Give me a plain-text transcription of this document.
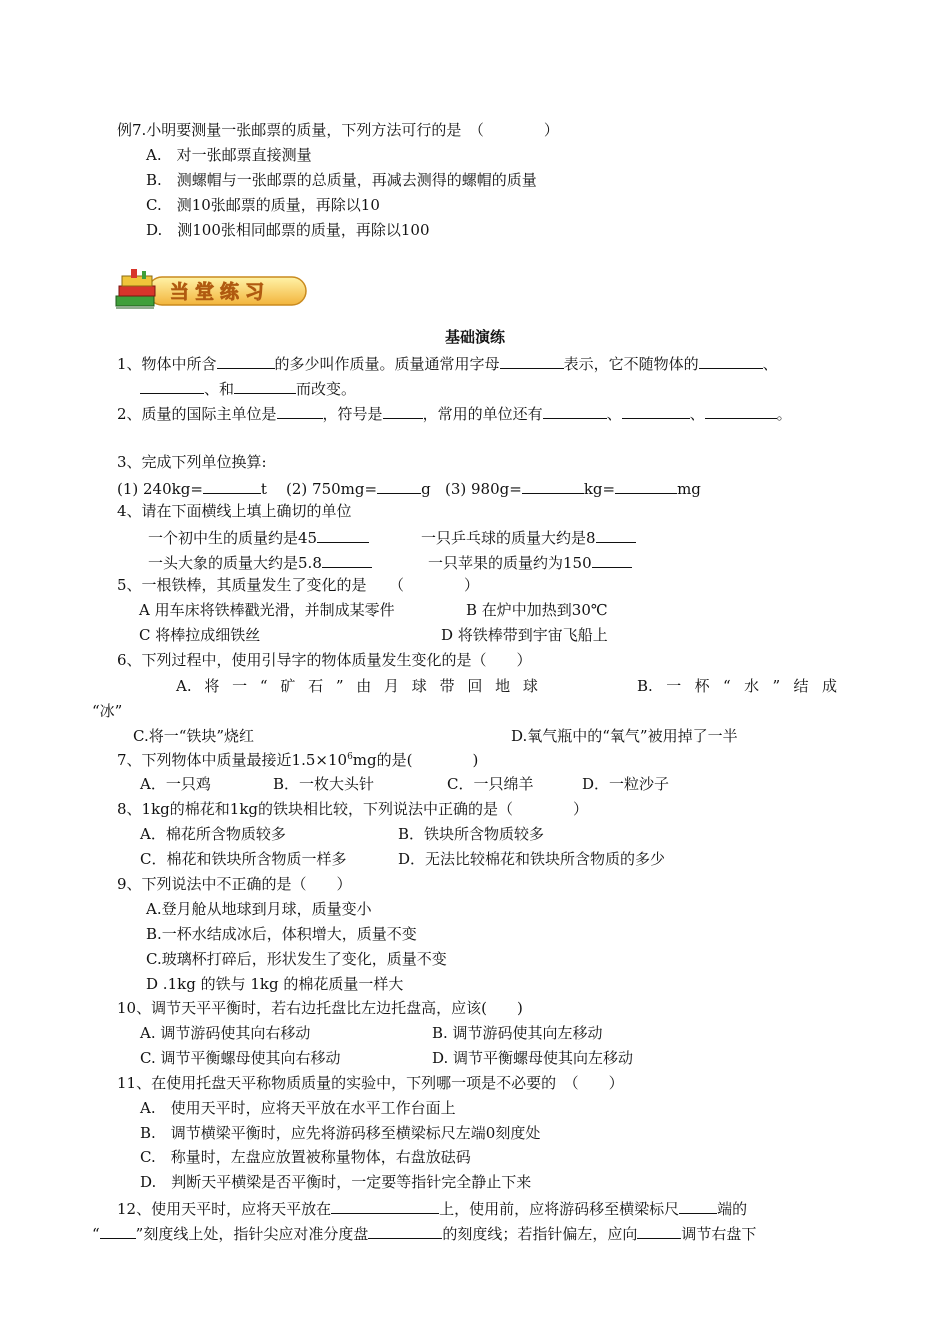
例7.小明要测量一张邮票的质量，下列方法可行的是　（　　　　）
A.　对一张邮票直接测量
B.　测螺帽与一张邮票的总质量，再减去测得的螺帽的质量
C.　测10张邮票的质量，再除以10
D.　测100张相同邮票的质量，再除以100
当堂练习
基础演练
1、物体中所含	的多少叫作质量。质量通常用字母	表示，它不随物体的	、
、和	而改变。
2、质量的国际主单位是	，符号是	，常用的单位还有	、	、	。
3、完成下列单位换算:
(1) 240kg=	t (2) 750mg=	g (3) 980g=	kg=	mg
4、请在下面横线上填上确切的单位
一个初中生的质量约是45	一只乒乓球的质量大约是8
一头大象的质量大约是5.8	一只苹果的质量约为150
5、一根铁棒，其质量发生了变化的是　　（　　　　）
A 用车床将铁棒戳光滑，并制成某零件	B 在炉中加热到30℃
C 将棒拉成细铁丝	D 将铁棒带到宇宙飞船上
6、下列过程中，使用引导字的物体质量发生变化的是（　　）
A. 将 一 “ 矿 石 ” 由 月 球 带 回 地 球	B. 一 杯 “ 水 ” 结 成
“冰”
C.将一“铁块”烧红	D.氧气瓶中的“氧气”被用掉了一半
7、下列物体中质量最接近$1.5\times 10^6mg$的是(　　　　)
A．一只鸡	B．一枚大头针	C．一只绵羊	D．一粒沙子
8、1kg的棉花和1kg的铁块相比较，下列说法中正确的是（　　　　）
A．棉花所含物质较多	B．铁块所含物质较多
C．棉花和铁块所含物质一样多	D．无法比较棉花和铁块所含物质的多少
9、下列说法中不正确的是（　　）
A.登月舱从地球到月球，质量变小
B.一杯水结成冰后，体积增大，质量不变
C.玻璃杯打碎后，形状发生了变化，质量不变
D .1kg 的铁与 1kg 的棉花质量一样大
10、调节天平平衡时，若右边托盘比左边托盘高，应该(　　)
A. 调节游码使其向右移动	B. 调节游码使其向左移动
C. 调节平衡螺母使其向右移动	D. 调节平衡螺母使其向左移动
11、在使用托盘天平称物质质量的实验中，下列哪一项是不必要的　（　　）
A.　使用天平时，应将天平放在水平工作台面上
B.　调节横梁平衡时，应先将游码移至横梁标尺左端0刻度处
C.　称量时，左盘应放置被称量物体，右盘放砝码
D.　判断天平横梁是否平衡时，一定要等指针完全静止下来
12、使用天平时，应将天平放在	上，使用前，应将游码移至横梁标尺	端的
“ ”刻度线上处，指针尖应对准分度盘	的刻度线；若指针偏左，应向	调节右盘下
